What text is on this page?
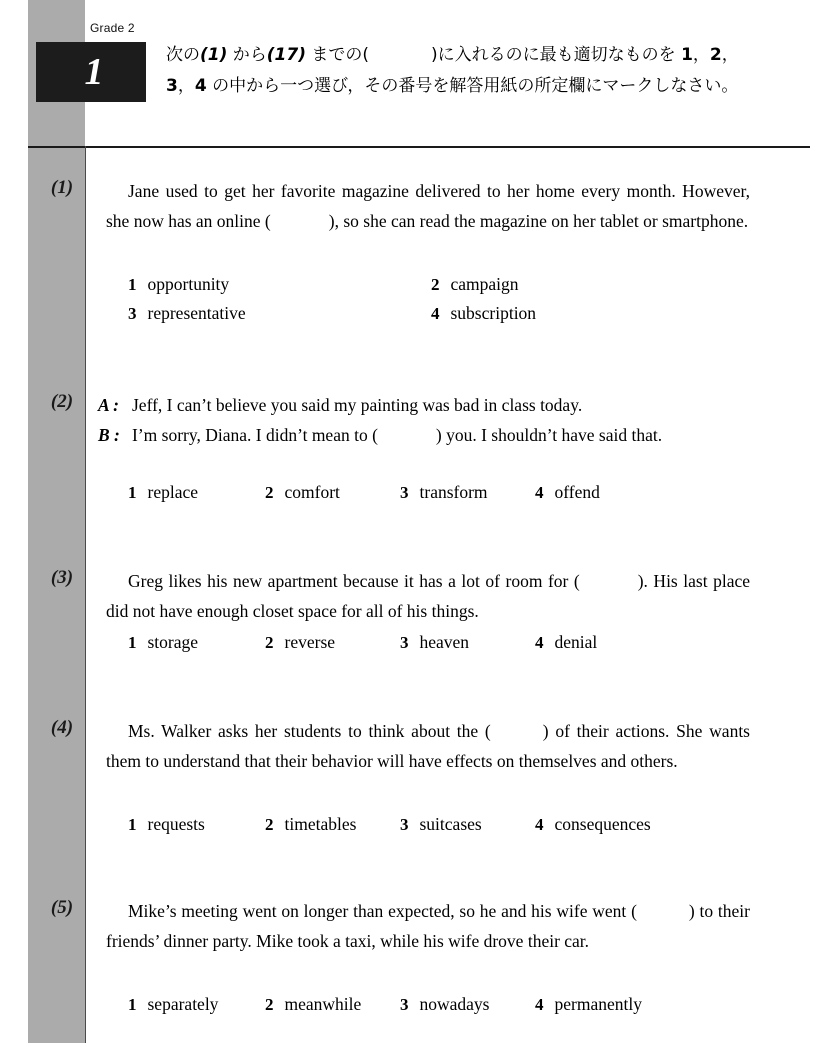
Grade 2
1	次の(1) から(17) までの(	)に入れるのに最も適切なものを 1，2，
3，4 の中から一つ選び，その番号を解答用紙の所定欄にマークしなさい。
(1)	Jane used to get her favorite magazine delivered to her home every month. However, she now has an online (	), so she can read the magazine on her tablet or smartphone.
1 opportunity	2 campaign
3 representative	4 subscription
(2)	A : Jeff, I can’t believe you said my painting was bad in class today.
B : I’m sorry, Diana. I didn’t mean to (	) you. I shouldn’t have said that.
1 replace	2 comfort	3 transform	4 offend
(3)	Greg likes his new apartment because it has a lot of room for (	). His last place did not have enough closet space for all of his things.
1 storage	2 reverse	3 heaven	4 denial
(4)	Ms. Walker asks her students to think about the (	) of their actions. She wants them to understand that their behavior will have effects on themselves and others.
1 requests	2 timetables	3 suitcases	4 consequences
(5)	Mike’s meeting went on longer than expected, so he and his wife went (	) to their friends’ dinner party. Mike took a taxi, while his wife drove their car.
1 separately	2 meanwhile 3 nowadays	4 permanently
